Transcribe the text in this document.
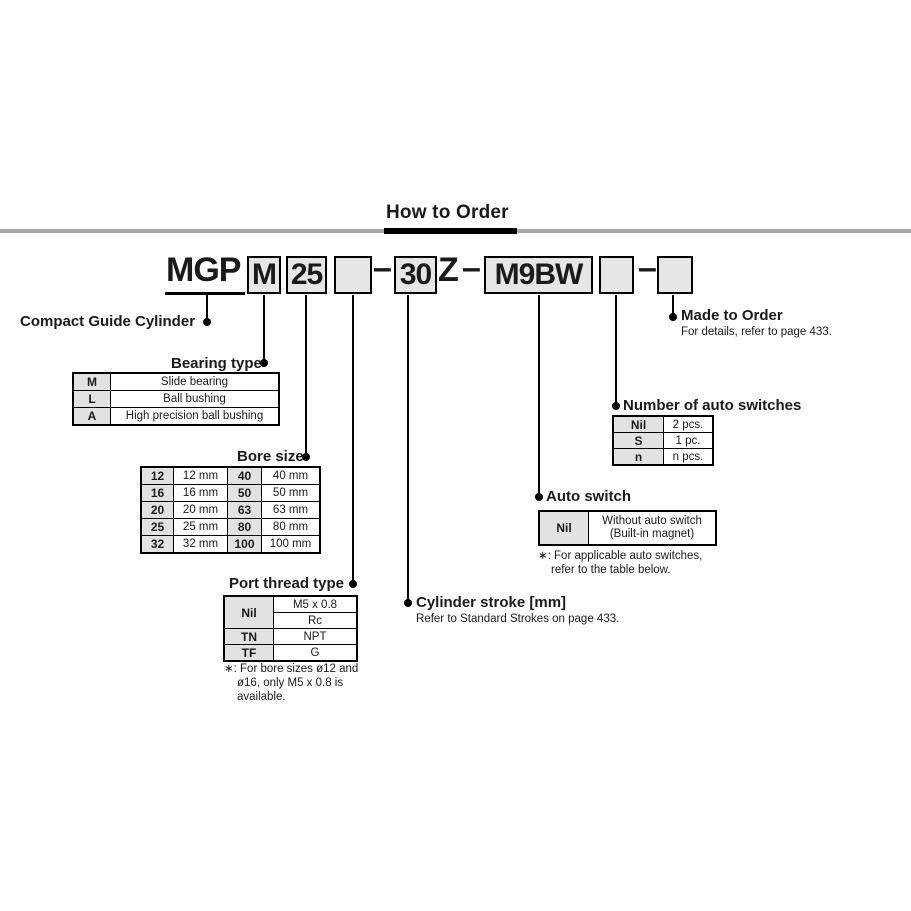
How to Order
MGP M 25 – 30 Z – M9BW	–
Compact Guide Cylinder
Bearing type
M	Slide bearing
L	Ball bushing
A	High precision ball bushing
Bore size
12	12 mm	40	40 mm
16	16 mm	50	50 mm
20	20 mm	63	63 mm
25	25 mm	80	80 mm
32	32 mm	100	100 mm
Port thread type
Nil	M5 x 0.8
	Rc
TN	NPT
TF	G
∗: For bore sizes ø12 and
ø16, only M5 x 0.8 is
available.
Cylinder stroke [mm]
Refer to Standard Strokes on page 433.
Auto switch
Nil	Without auto switch
(Built-in magnet)
∗: For applicable auto switches,
refer to the table below.
Number of auto switches
Nil	2 pcs.
S	1 pc.
n	n pcs.
Made to Order
For details, refer to page 433.
